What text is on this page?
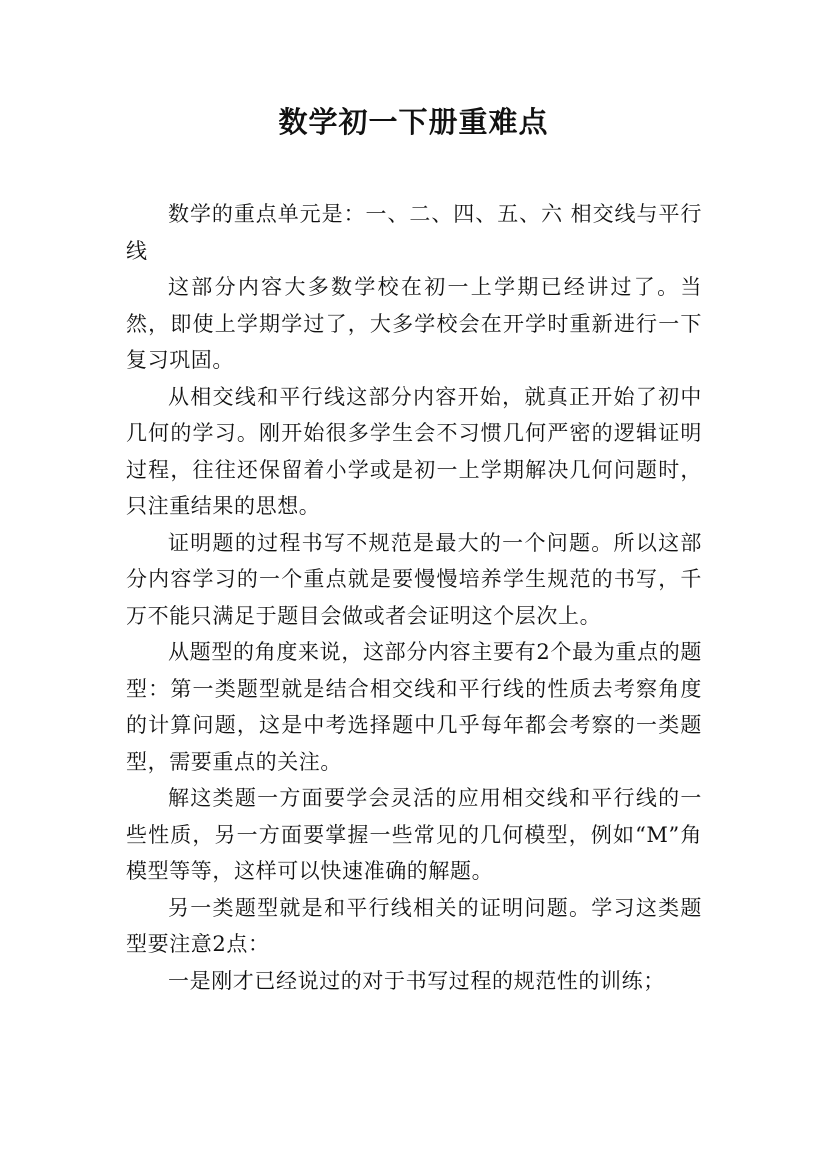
数学初一下册重难点

数学的重点单元是：一、二、四、五、六 相交线与平行线

这部分内容大多数学校在初一上学期已经讲过了。当然，即使上学期学过了，大多学校会在开学时重新进行一下复习巩固。

从相交线和平行线这部分内容开始，就真正开始了初中几何的学习。刚开始很多学生会不习惯几何严密的逻辑证明过程，往往还保留着小学或是初一上学期解决几何问题时，只注重结果的思想。

证明题的过程书写不规范是最大的一个问题。所以这部分内容学习的一个重点就是要慢慢培养学生规范的书写，千万不能只满足于题目会做或者会证明这个层次上。

从题型的角度来说，这部分内容主要有2个最为重点的题型：第一类题型就是结合相交线和平行线的性质去考察角度的计算问题，这是中考选择题中几乎每年都会考察的一类题型，需要重点的关注。

解这类题一方面要学会灵活的应用相交线和平行线的一些性质，另一方面要掌握一些常见的几何模型，例如“M”角模型等等，这样可以快速准确的解题。

另一类题型就是和平行线相关的证明问题。学习这类题型要注意2点：

一是刚才已经说过的对于书写过程的规范性的训练；
